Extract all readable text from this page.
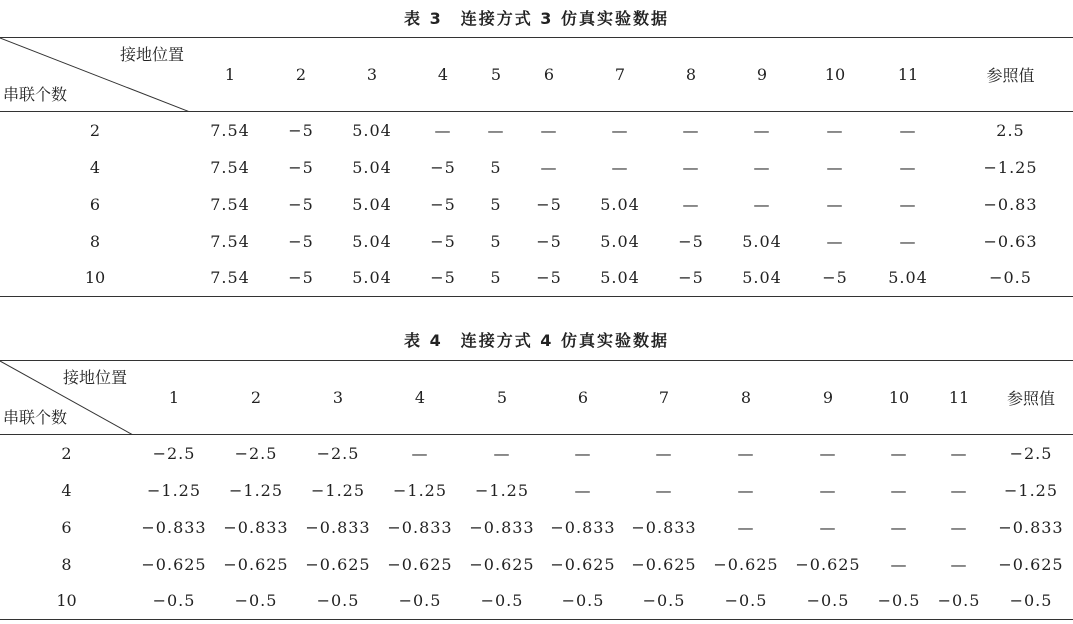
表 3　连接方式 3 仿真实验数据
接地位置
串联个数	1	2	3	4	5	6	7	8	9	10	11	参照值
2	7.54	−5	5.04	—	—	—	—	—	—	—	—	2.5
4	7.54	−5	5.04	−5	5	—	—	—	—	—	—	−1.25
6	7.54	−5	5.04	−5	5	−5	5.04	—	—	—	—	−0.83
8	7.54	−5	5.04	−5	5	−5	5.04	−5	5.04	—	—	−0.63
10	7.54	−5	5.04	−5	5	−5	5.04	−5	5.04	−5	5.04	−0.5
表 4　连接方式 4 仿真实验数据
接地位置
串联个数	1	2	3	4	5	6	7	8	9	10	11	参照值
2	−2.5	−2.5	−2.5	—	—	—	—	—	—	—	—	−2.5
4	−1.25	−1.25	−1.25	−1.25	−1.25	—	—	—	—	—	—	−1.25
6	−0.833	−0.833	−0.833	−0.833	−0.833	−0.833	−0.833	—	—	—	—	−0.833
8	−0.625	−0.625	−0.625	−0.625	−0.625	−0.625	−0.625	−0.625	−0.625	—	—	−0.625
10	−0.5	−0.5	−0.5	−0.5	−0.5	−0.5	−0.5	−0.5	−0.5	−0.5	−0.5	−0.5
